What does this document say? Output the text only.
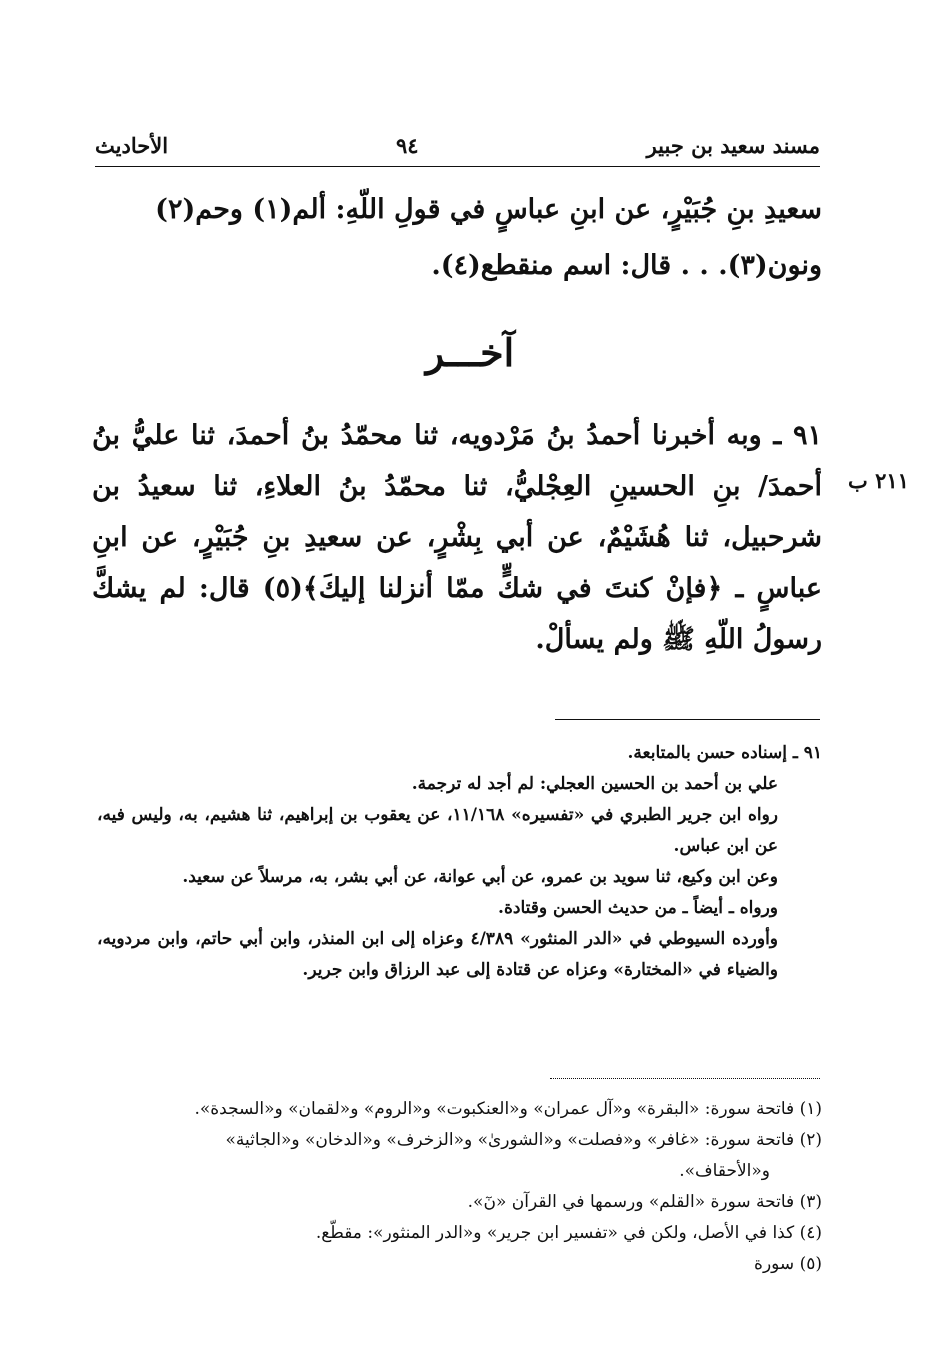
مسند سعيد بن جبير
٩٤
الأحاديث
سعيدِ بنِ جُبَيْرٍ، عن ابنِ عباسٍ في قولِ اللّهِ: ألم(١) وحم(٢)
ونون(٣). . . قال: اسم منقطع(٤).
آخـــر
٩١ ـ وبه أخبرنا أحمدُ بنُ مَرْدويه، ثنا محمّدُ بنُ أحمدَ، ثنا عليُّ بنُ أحمدَ/ بنِ الحسينِ العِجْليُّ، ثنا محمّدُ بنُ العلاءِ، ثنا سعيدُ بن شرحبيل، ثنا هُشَيْمٌ، عن أبي بِشْرٍ، عن سعيدِ بنِ جُبَيْرٍ، عن ابنِ عباسٍ ـ ﴿فإنْ كنتَ في شكٍّ ممّا أنزلنا إليكَ﴾(٥) قال: لم يشكَّ رسولُ اللّهِ ﷺ ولم يسألْ.
٢١١ ب

٩١ ـ إسناده حسن بالمتابعة.

علي بن أحمد بن الحسين العجلي: لم أجد له ترجمة.

رواه ابن جرير الطبري في «تفسيره» ١١/١٦٨، عن يعقوب بن إبراهيم، ثنا هشيم، به، وليس فيه، عن ابن عباس.

وعن ابن وكيع، ثنا سويد بن عمرو، عن أبي عوانة، عن أبي بشر، به، مرسلاً عن سعيد.

ورواه ـ أيضاً ـ من حديث الحسن وقتادة.

وأورده السيوطي في «الدر المنثور» ٤/٣٨٩ وعزاه إلى ابن المنذر، وابن أبي حاتم، وابن مردويه، والضياء في «المختارة» وعزاه عن قتادة إلى عبد الرزاق وابن جرير.

(١) فاتحة سورة: «البقرة» و«آل عمران» و«العنكبوت» و«الروم» و«لقمان» و«السجدة».

(٢) فاتحة سورة: «غافر» و«فصلت» و«الشورىٰ» و«الزخرف» و«الدخان» و«الجاثية»

و«الأحقاف».

(٣) فاتحة سورة «القلم» ورسمها في القرآن «نٓ».

(٤) كذا في الأصل، ولكن في «تفسير ابن جرير» و«الدر المنثور»: مقطّع.

(٥) سورة
